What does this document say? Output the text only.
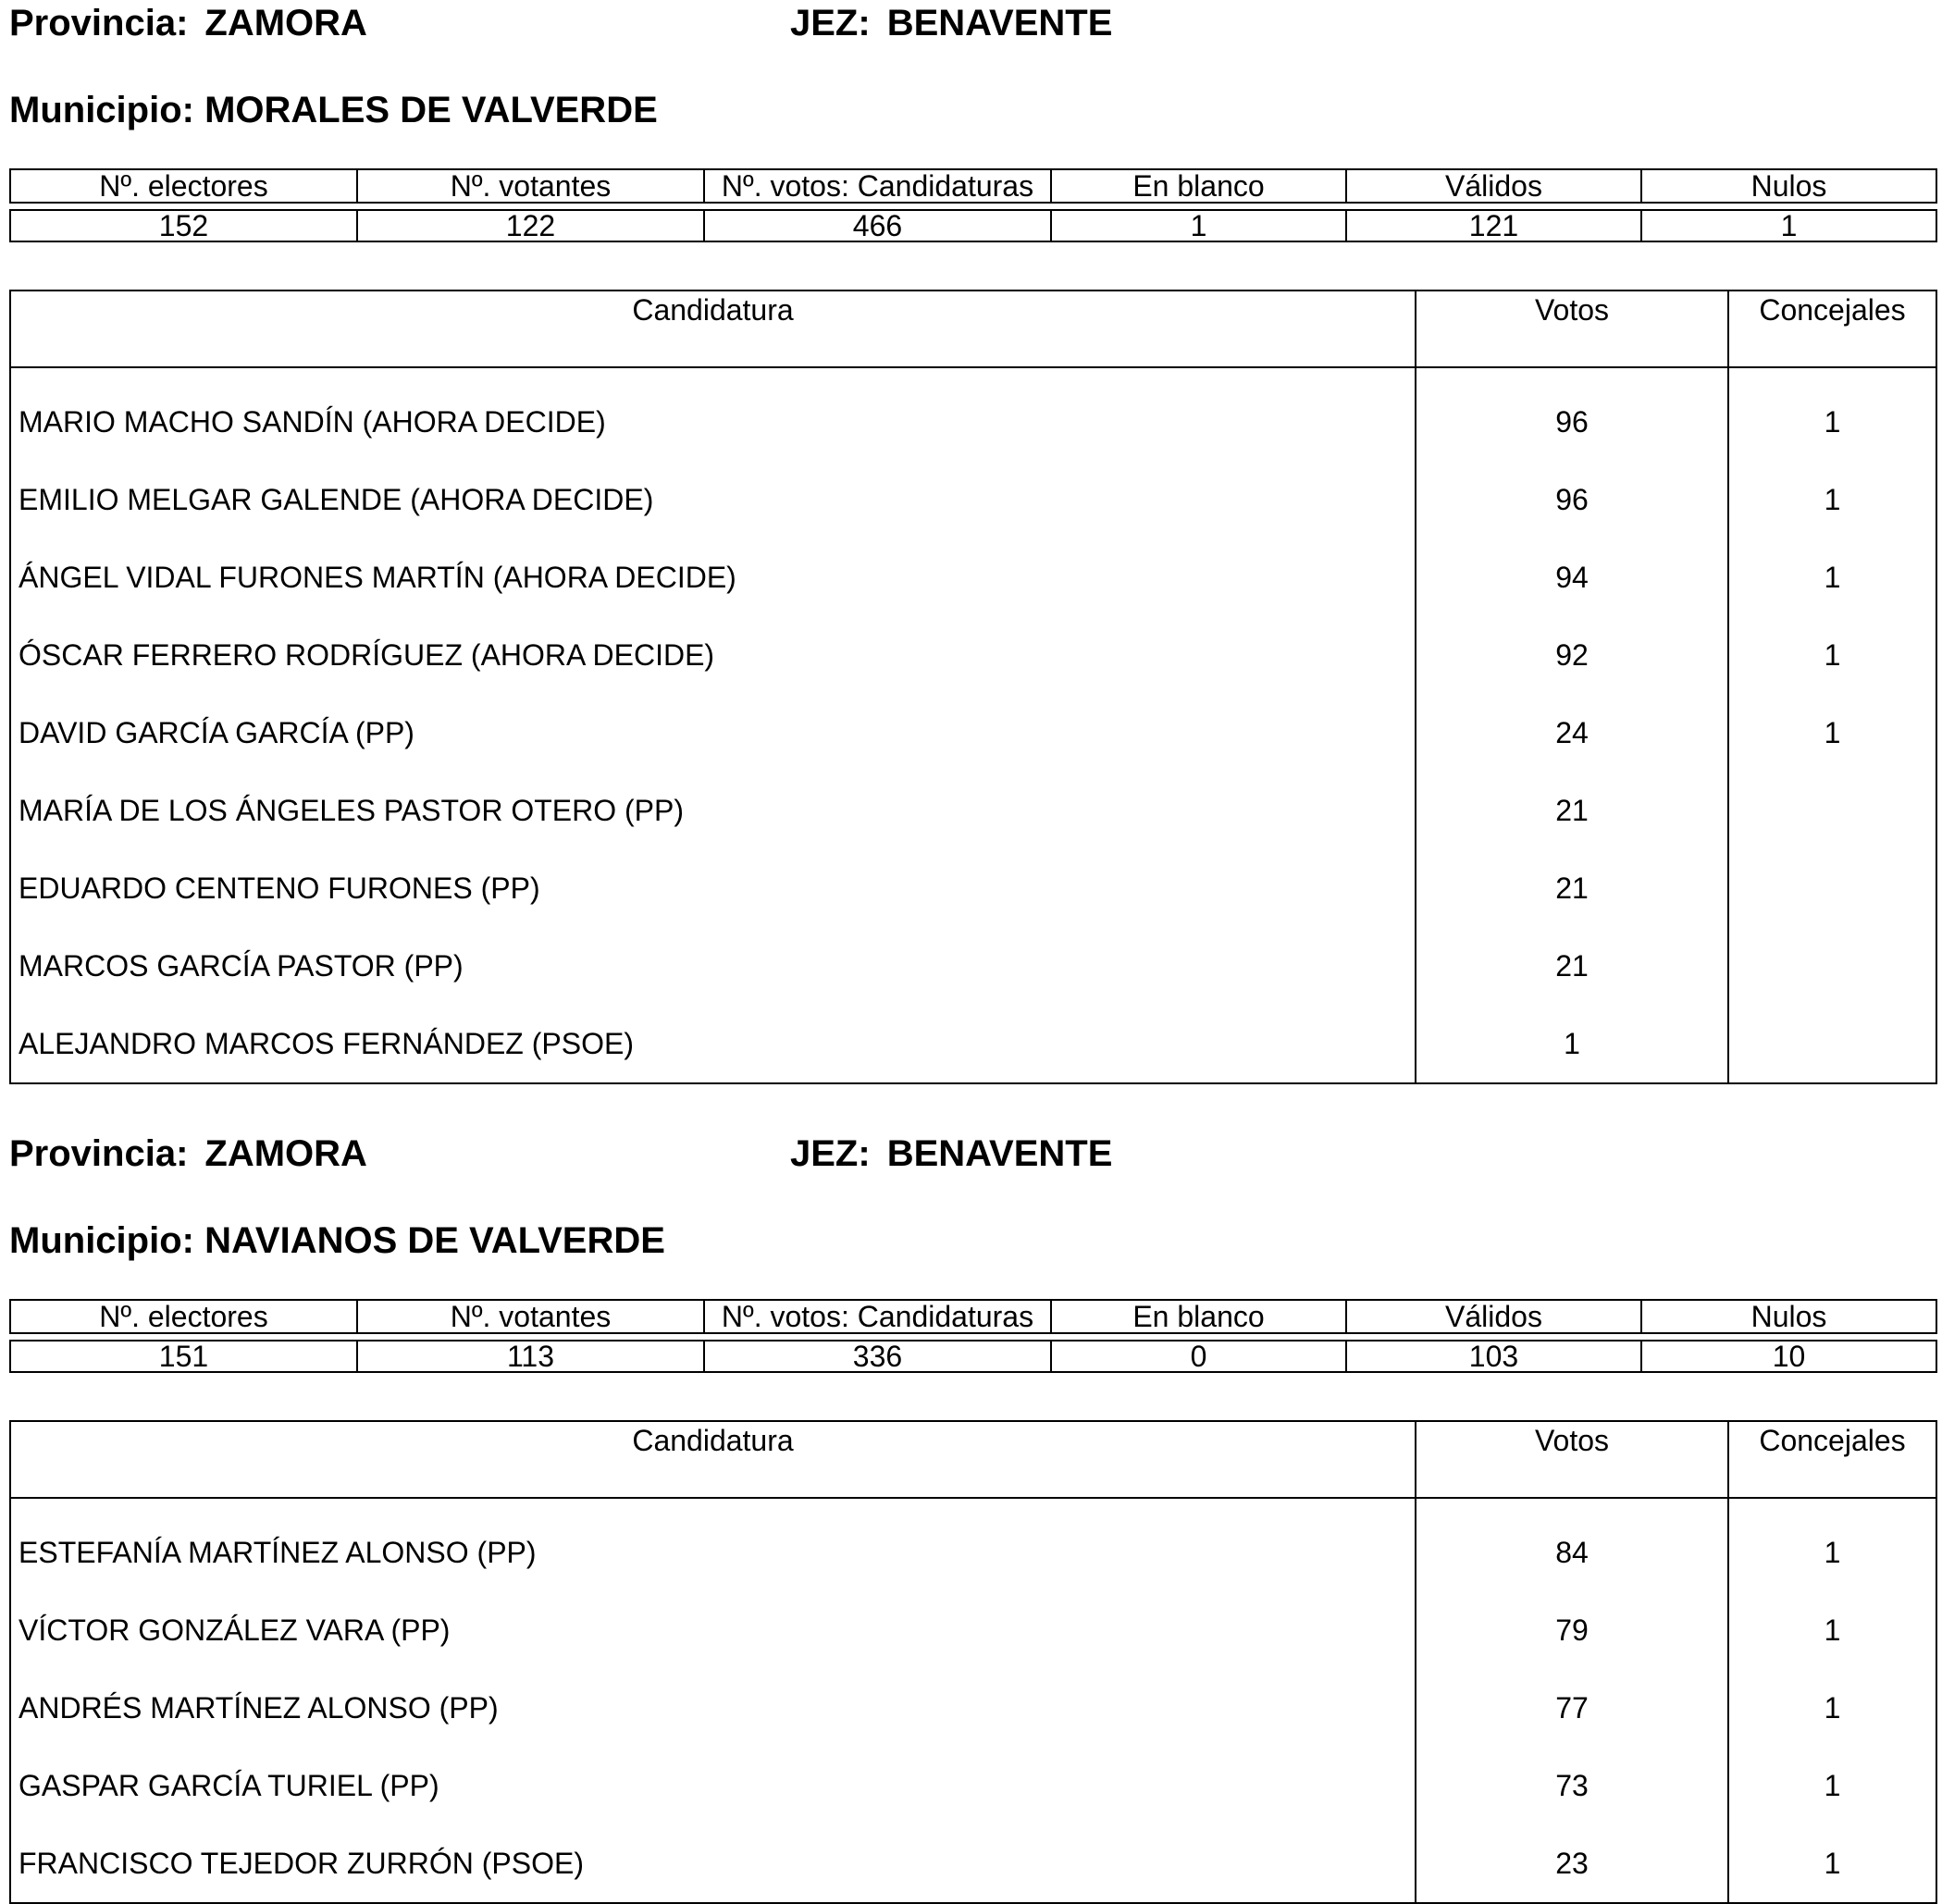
Provincia: ZAMORA	JEZ: BENAVENTE
Municipio: MORALES DE VALVERDE
Nº. electores	Nº. votantes	Nº. votos: Candidaturas	En blanco	Válidos	Nulos
152	122	466	1	121	1
Candidatura	Votos	Concejales
MARIO MACHO SANDÍN (AHORA DECIDE)	96	1
EMILIO MELGAR GALENDE (AHORA DECIDE)	96	1
ÁNGEL VIDAL FURONES MARTÍN (AHORA DECIDE)	94	1
ÓSCAR FERRERO RODRÍGUEZ (AHORA DECIDE)	92	1
DAVID GARCÍA GARCÍA (PP)	24	1
MARÍA DE LOS ÁNGELES PASTOR OTERO (PP)	21	
EDUARDO CENTENO FURONES (PP)	21	
MARCOS GARCÍA PASTOR (PP)	21	
ALEJANDRO MARCOS FERNÁNDEZ (PSOE)	1	
Provincia: ZAMORA	JEZ: BENAVENTE
Municipio: NAVIANOS DE VALVERDE
Nº. electores	Nº. votantes	Nº. votos: Candidaturas	En blanco	Válidos	Nulos
151	113	336	0	103	10
Candidatura	Votos	Concejales
ESTEFANÍA MARTÍNEZ ALONSO (PP)	84	1
VÍCTOR GONZÁLEZ VARA (PP)	79	1
ANDRÉS MARTÍNEZ ALONSO (PP)	77	1
GASPAR GARCÍA TURIEL (PP)	73	1
FRANCISCO TEJEDOR ZURRÓN (PSOE)	23	1
